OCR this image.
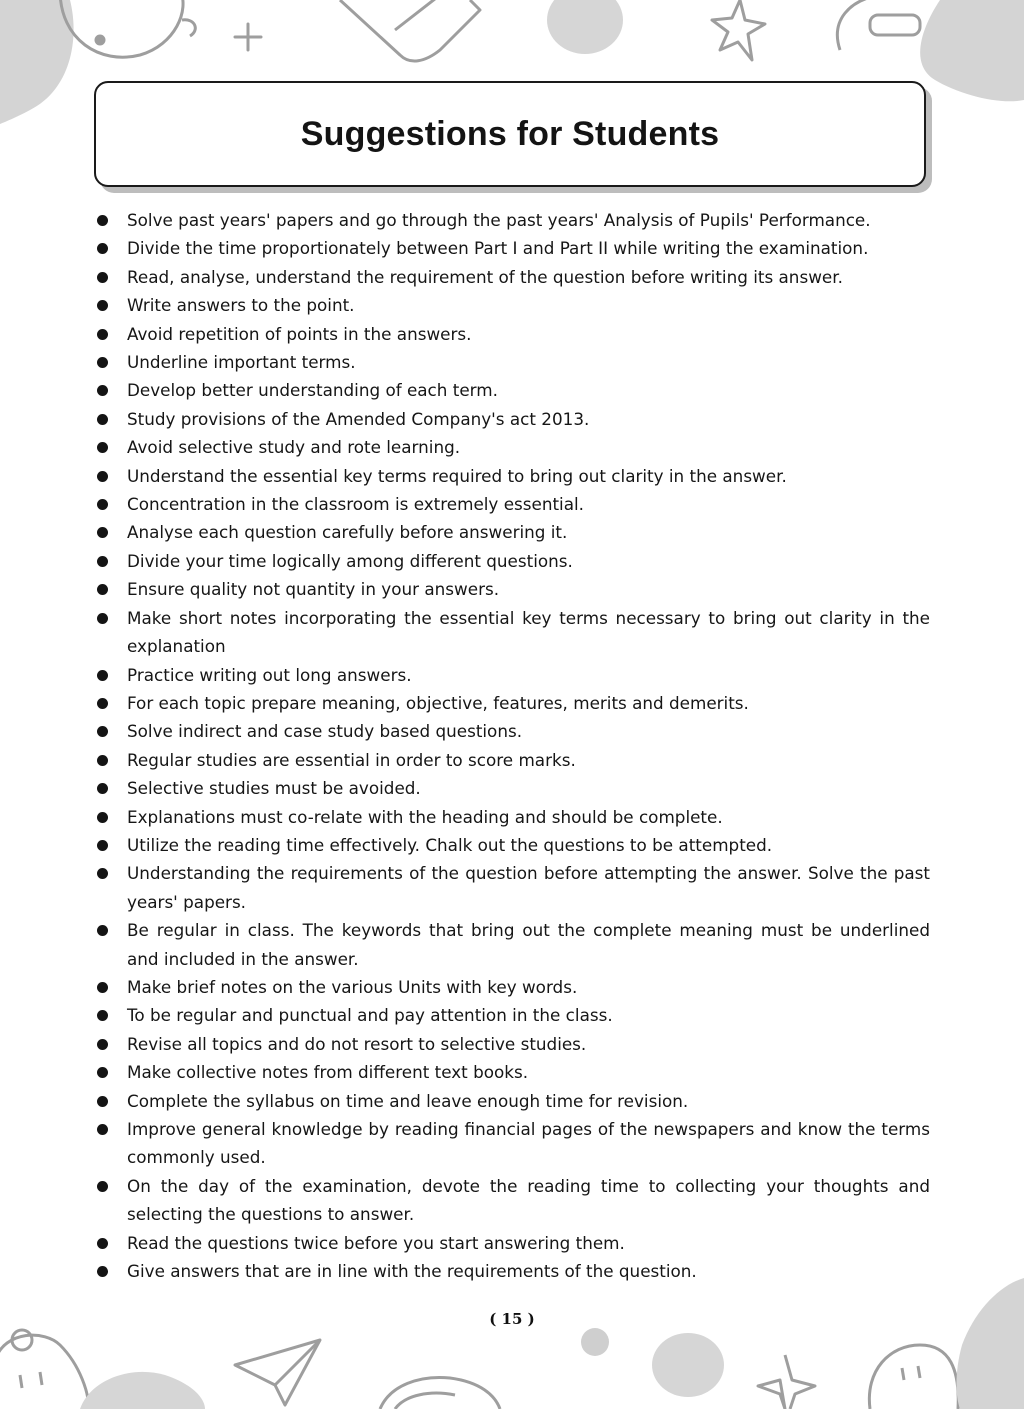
Suggestions for Students
Solve past years' papers and go through the past years' Analysis of Pupils' Performance.
Divide the time proportionately between Part I and Part II while writing the examination.
Read, analyse, understand the requirement of the question before writing its answer.
Write answers to the point.
Avoid repetition of points in the answers.
Underline important terms.
Develop better understanding of each term.
Study provisions of the Amended Company's act 2013.
Avoid selective study and rote learning.
Understand the essential key terms required to bring out clarity in the answer.
Concentration in the classroom is extremely essential.
Analyse each question carefully before answering it.
Divide your time logically among different questions.
Ensure quality not quantity in your answers.
Make short notes incorporating the essential key terms necessary to bring out clarity in the explanation
Practice writing out long answers.
For each topic prepare meaning, objective, features, merits and demerits.
Solve indirect and case study based questions.
Regular studies are essential in order to score marks.
Selective studies must be avoided.
Explanations must co-relate with the heading and should be complete.
Utilize the reading time effectively. Chalk out the questions to be attempted.
Understanding the requirements of the question before attempting the answer. Solve the past years' papers.
Be regular in class. The keywords that bring out the complete meaning must be underlined and included in the answer.
Make brief notes on the various Units with key words.
To be regular and punctual and pay attention in the class.
Revise all topics and do not resort to selective studies.
Make collective notes from different text books.
Complete the syllabus on time and leave enough time for revision.
Improve general knowledge by reading financial pages of the newspapers and know the terms commonly used.
On the day of the examination, devote the reading time to collecting your thoughts and selecting the questions to answer.
Read the questions twice before you start answering them.
Give answers that are in line with the requirements of the question.
( 15 )
